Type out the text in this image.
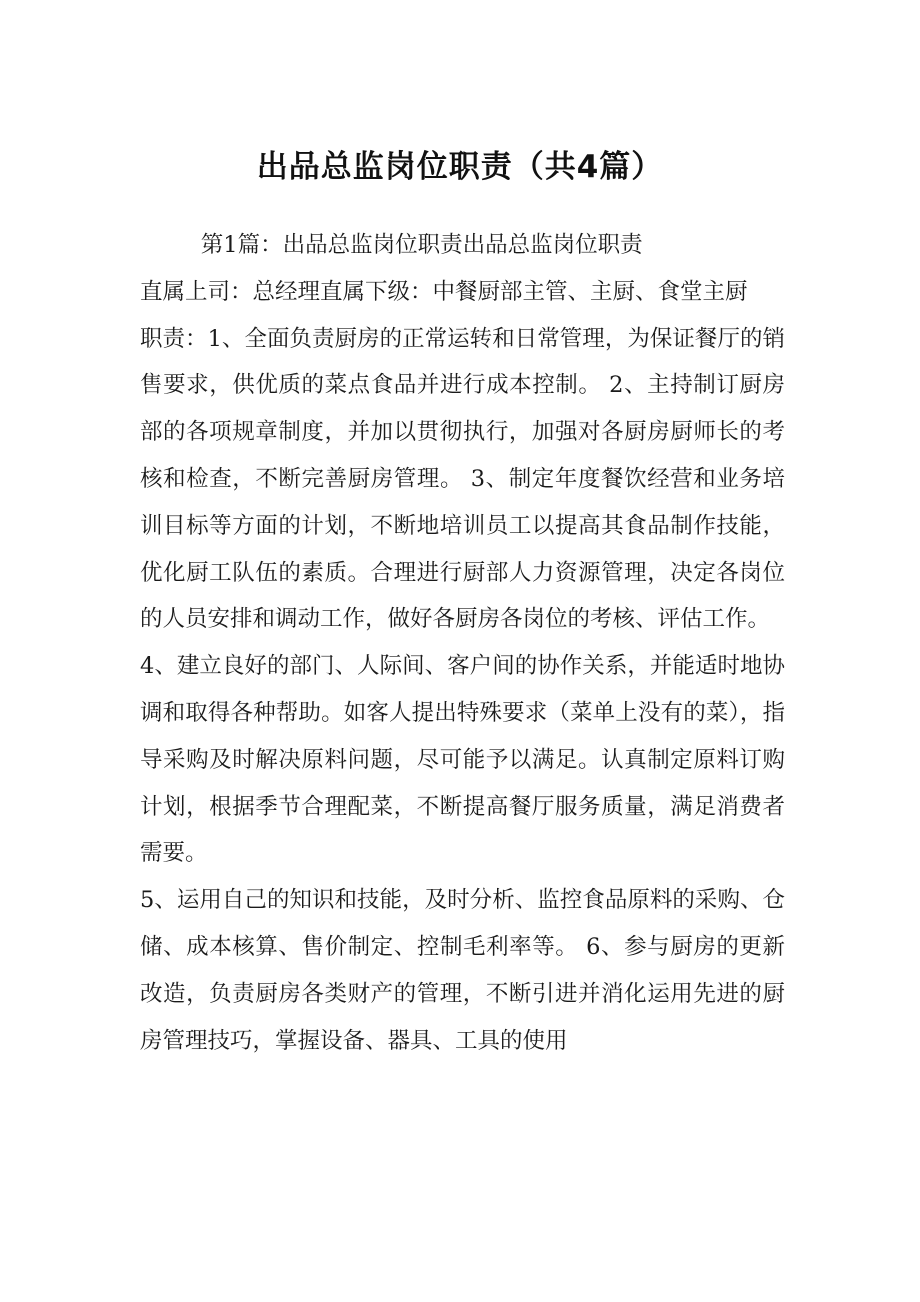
出品总监岗位职责（共4篇）

第1篇：出品总监岗位职责出品总监岗位职责

直属上司：总经理直属下级：中餐厨部主管、主厨、食堂主厨

职责：1、全面负责厨房的正常运转和日常管理，为保证餐厅的销售要求，供优质的菜点食品并进行成本控制。 2、主持制订厨房部的各项规章制度，并加以贯彻执行，加强对各厨房厨师长的考核和检查，不断完善厨房管理。 3、制定年度餐饮经营和业务培训目标等方面的计划，不断地培训员工以提高其食品制作技能，优化厨工队伍的素质。合理进行厨部人力资源管理，决定各岗位的人员安排和调动工作，做好各厨房各岗位的考核、评估工作。

4、建立良好的部门、人际间、客户间的协作关系，并能适时地协调和取得各种帮助。如客人提出特殊要求（菜单上没有的菜），指导采购及时解决原料问题，尽可能予以满足。认真制定原料订购计划，根据季节合理配菜，不断提高餐厅服务质量，满足消费者需要。

5、运用自己的知识和技能，及时分析、监控食品原料的采购、仓储、成本核算、售价制定、控制毛利率等。 6、参与厨房的更新改造，负责厨房各类财产的管理，不断引进并消化运用先进的厨房管理技巧，掌握设备、器具、工具的使用
